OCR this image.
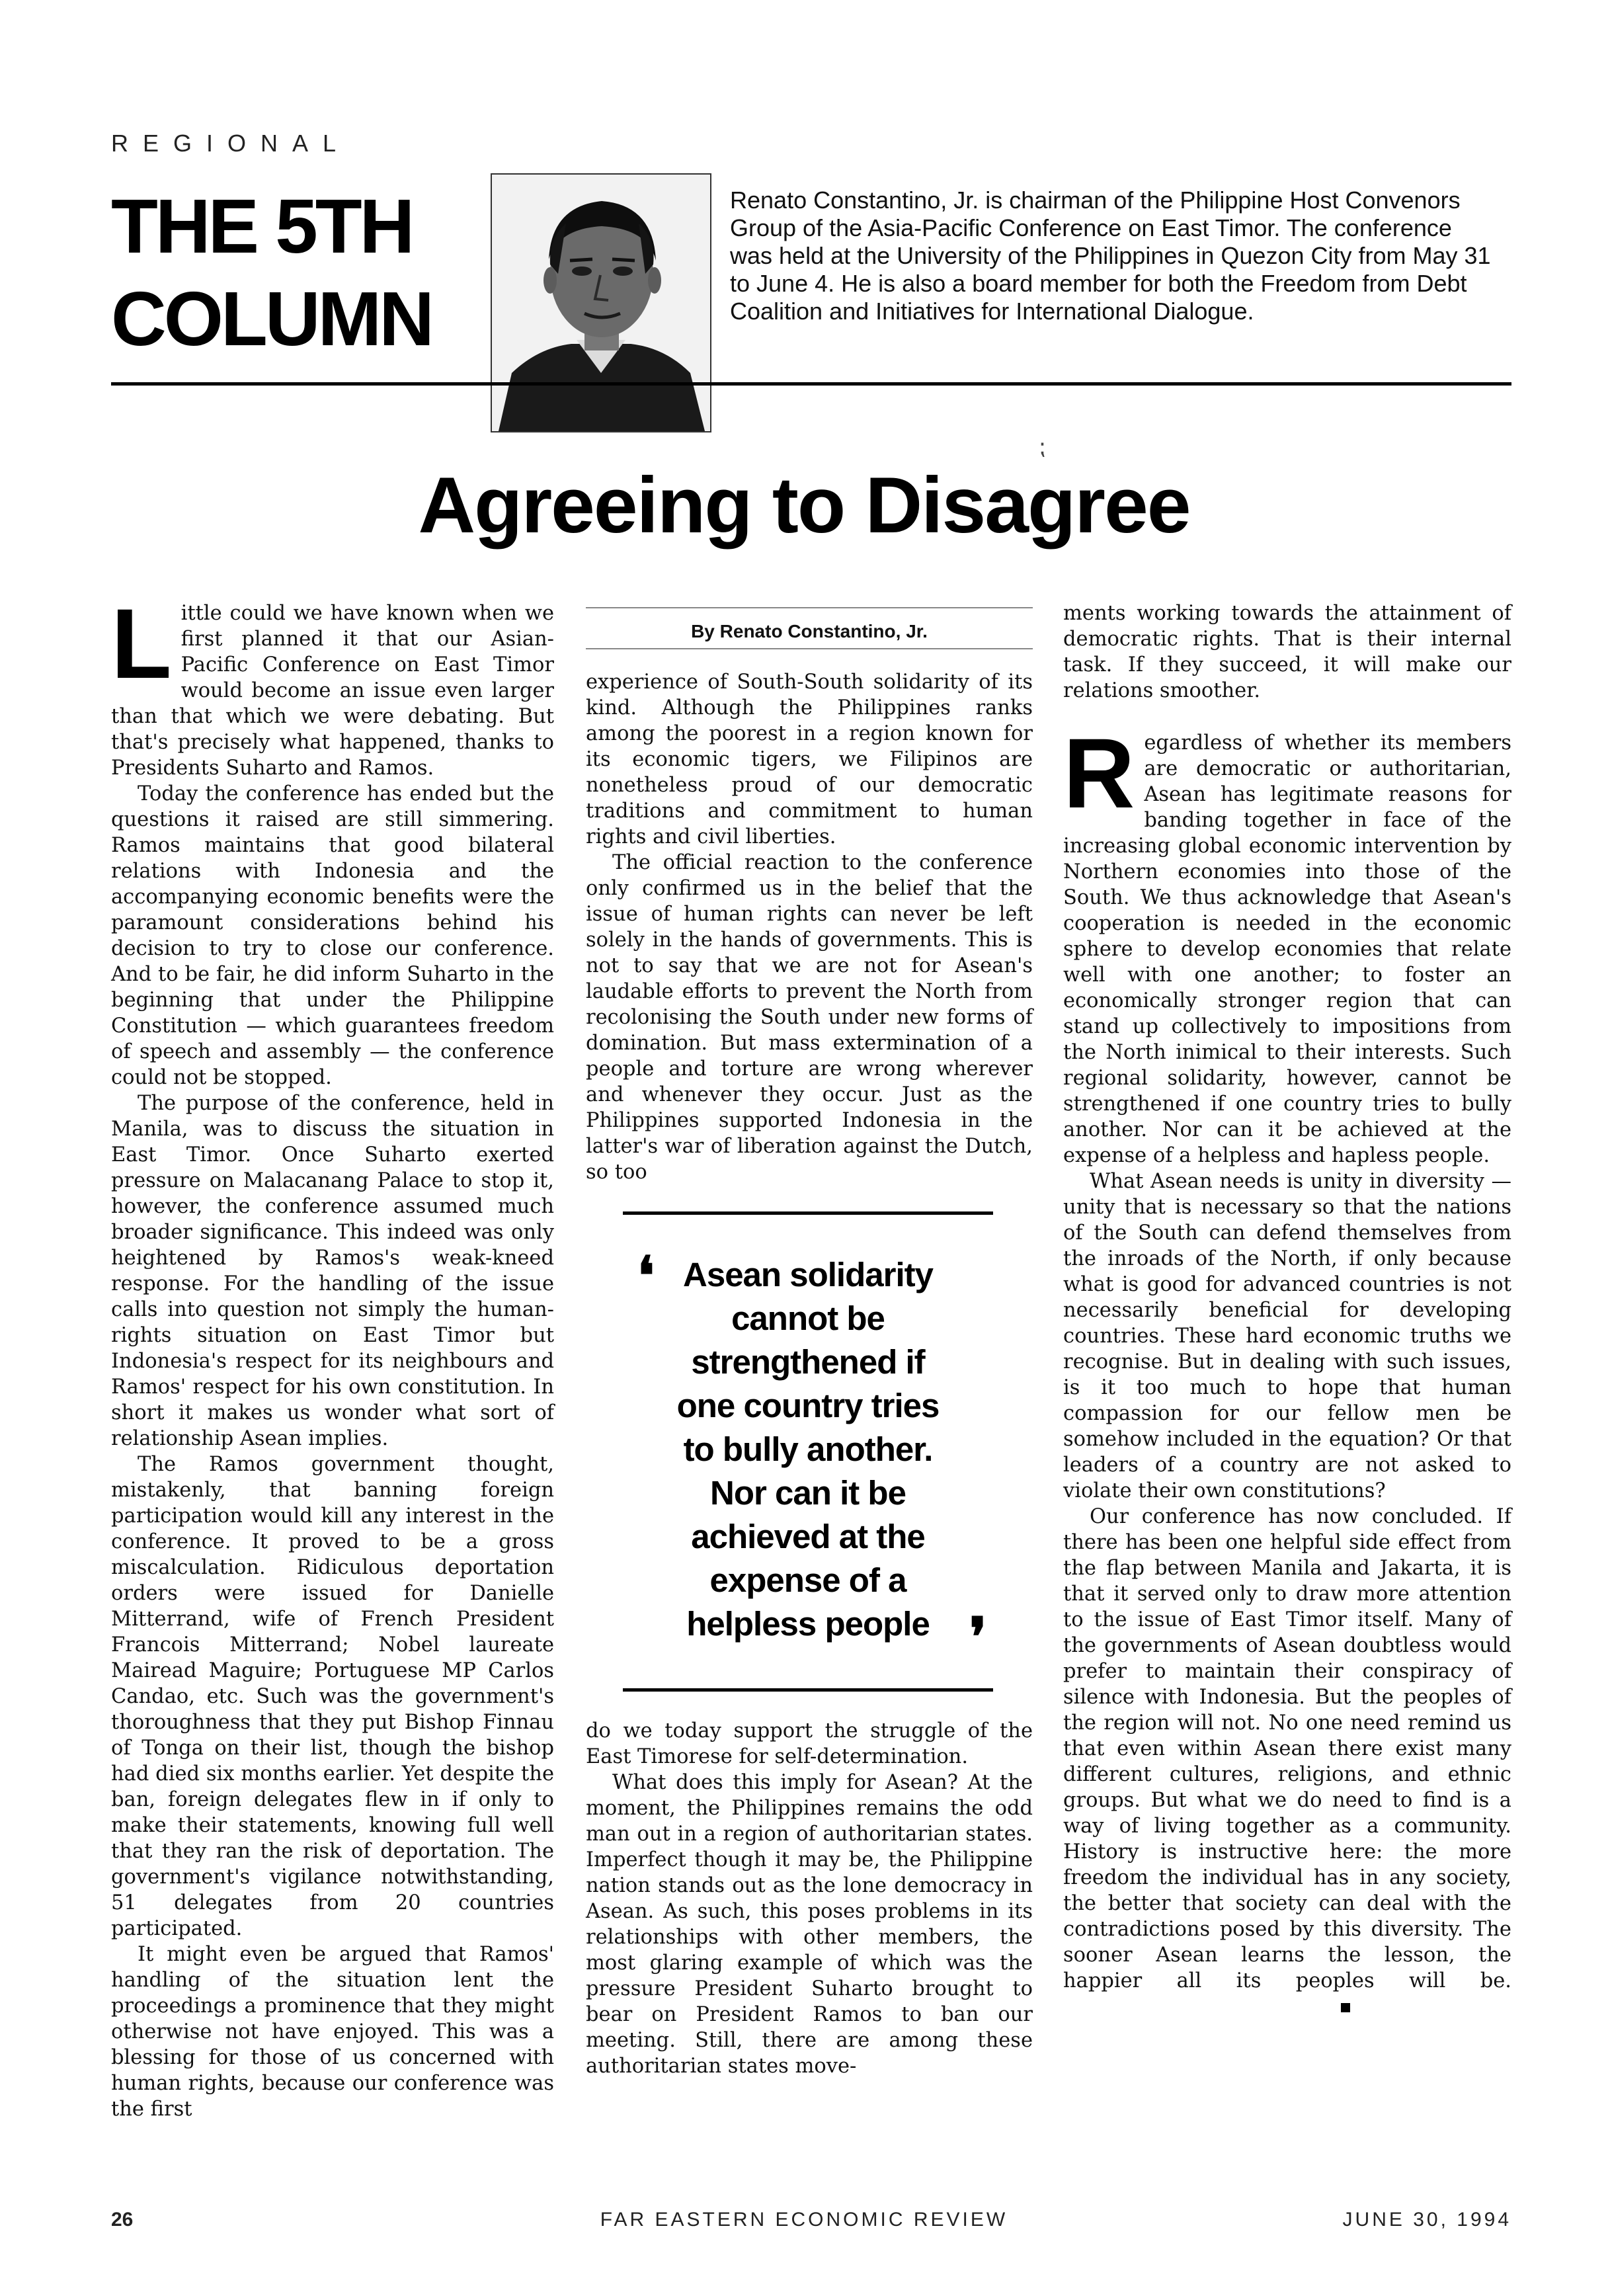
REGIONAL
THE 5TH COLUMN

Renato Constantino, Jr. is chairman of the Philippine Host Convenors Group of the Asia-Pacific Conference on East Timor. The conference was held at the University of the Philippines in Quezon City from May 31 to June 4. He is also a board member for both the Freedom from Debt Coalition and Initiatives for International Dialogue.

⁏
Agreeing to Disagree

Little could we have known when we first planned it that our Asian-Pacific Conference on East Timor would become an issue even larger than that which we were debating. But that's precisely what happened, thanks to Presidents Suharto and Ramos.

Today the conference has ended but the questions it raised are still simmering. Ramos maintains that good bilateral relations with Indonesia and the accompanying economic benefits were the paramount considerations behind his decision to try to close our conference. And to be fair, he did inform Suharto in the beginning that under the Philippine Constitution — which guarantees freedom of speech and assembly — the conference could not be stopped.

The purpose of the conference, held in Manila, was to discuss the situation in East Timor. Once Suharto exerted pressure on Malacanang Palace to stop it, however, the conference assumed much broader significance. This indeed was only heightened by Ramos's weak-kneed response. For the handling of the issue calls into question not simply the human-rights situation on East Timor but Indonesia's respect for its neighbours and Ramos' respect for his own constitution. In short it makes us wonder what sort of relationship Asean implies.

The Ramos government thought, mistakenly, that banning foreign participation would kill any interest in the conference. It proved to be a gross miscalculation. Ridiculous deportation orders were issued for Danielle Mitterrand, wife of French President Francois Mitterrand; Nobel laureate Mairead Maguire; Portuguese MP Carlos Candao, etc. Such was the government's thoroughness that they put Bishop Finnau of Tonga on their list, though the bishop had died six months earlier. Yet despite the ban, foreign delegates flew in if only to make their statements, knowing full well that they ran the risk of deportation. The government's vigilance notwithstanding, 51 delegates from 20 countries participated.

It might even be argued that Ramos' handling of the situation lent the proceedings a prominence that they might otherwise not have enjoyed. This was a blessing for those of us concerned with human rights, because our conference was the first

By Renato Constantino, Jr.

experience of South-South solidarity of its kind. Although the Philippines ranks among the poorest in a region known for its economic tigers, we Filipinos are nonetheless proud of our democratic traditions and commitment to human rights and civil liberties.

The official reaction to the conference only confirmed us in the belief that the issue of human rights can never be left solely in the hands of governments. This is not to say that we are not for Asean's laudable efforts to prevent the North from recolonising the South under new forms of domination. But mass extermination of a people and torture are wrong wherever and whenever they occur. Just as the Philippines supported Indonesia in the latter's war of liberation against the Dutch, so too

❛ Asean solidarity cannot be strengthened if one country tries to bully another. Nor can it be achieved at the expense of a helpless people ❜

do we today support the struggle of the East Timorese for self-determination.

What does this imply for Asean? At the moment, the Philippines remains the odd man out in a region of authoritarian states. Imperfect though it may be, the Philippine nation stands out as the lone democracy in Asean. As such, this poses problems in its relationships with other members, the most glaring example of which was the pressure President Suharto brought to bear on President Ramos to ban our meeting. Still, there are among these authoritarian states move-

ments working towards the attainment of democratic rights. That is their internal task. If they succeed, it will make our relations smoother.

Regardless of whether its members are democratic or authoritarian, Asean has legitimate reasons for banding together in face of the increasing global economic intervention by Northern economies into those of the South. We thus acknowledge that Asean's cooperation is needed in the economic sphere to develop economies that relate well with one another; to foster an economically stronger region that can stand up collectively to impositions from the North inimical to their interests. Such regional solidarity, however, cannot be strengthened if one country tries to bully another. Nor can it be achieved at the expense of a helpless and hapless people.

What Asean needs is unity in diversity — unity that is necessary so that the nations of the South can defend themselves from the inroads of the North, if only because what is good for advanced countries is not necessarily beneficial for developing countries. These hard economic truths we recognise. But in dealing with such issues, is it too much to hope that human compassion for our fellow men be somehow included in the equation? Or that leaders of a country are not asked to violate their own constitutions?

Our conference has now concluded. If there has been one helpful side effect from the flap between Manila and Jakarta, it is that it served only to draw more attention to the issue of East Timor itself. Many of the governments of Asean doubtless would prefer to maintain their conspiracy of silence with Indonesia. But the peoples of the region will not. No one need remind us that even within Asean there exist many different cultures, religions, and ethnic groups. But what we do need to find is a way of living together as a community. History is instructive here: the more freedom the individual has in any society, the better that society can deal with the contradictions posed by this diversity. The sooner Asean learns the lesson, the happier all its peoples will be.

26	FAR EASTERN ECONOMIC REVIEW	JUNE 30, 1994
